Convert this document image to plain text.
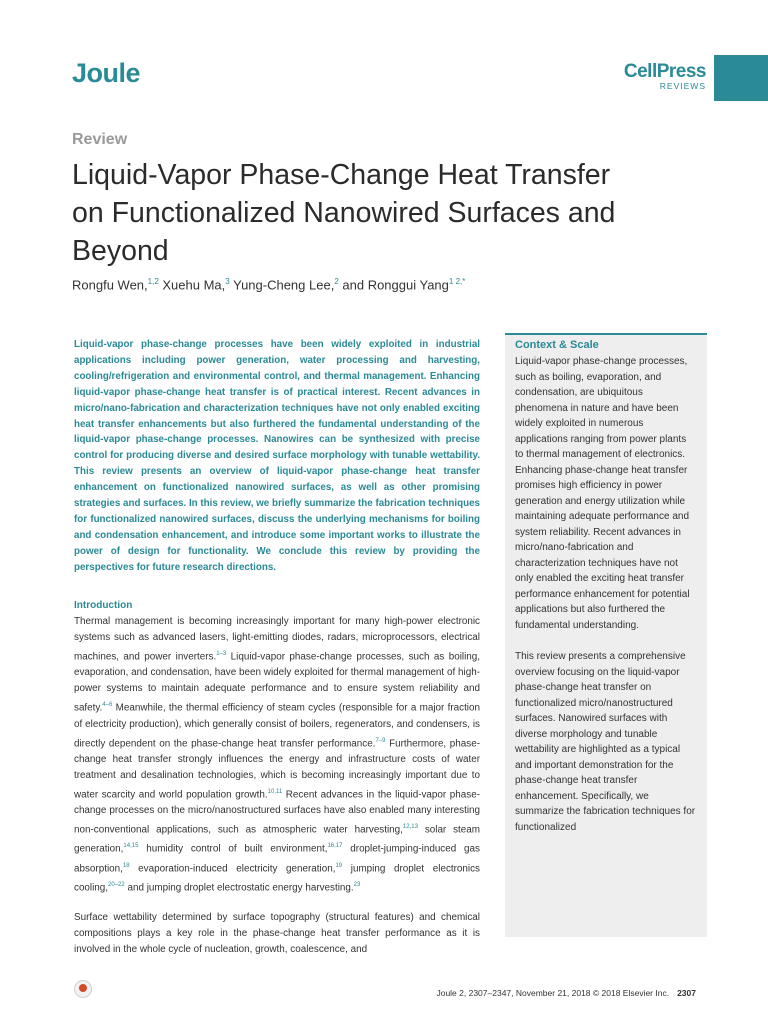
Joule	CellPress
REVIEWS
Review
Liquid-Vapor Phase-Change Heat Transfer on Functionalized Nanowired Surfaces and Beyond
Rongfu Wen,$^{1,2}$ Xuehu Ma,$^3$ Yung-Cheng Lee,$^2$ and Ronggui Yang$^{1 2,*}$

Liquid-vapor phase-change processes have been widely exploited in industrial applications including power generation, water processing and harvesting, cooling/refrigeration and environmental control, and thermal management. Enhancing liquid-vapor phase-change heat transfer is of practical interest. Recent advances in micro/nano-fabrication and characterization techniques have not only enabled exciting heat transfer enhancements but also furthered the fundamental understanding of the liquid-vapor phase-change processes. Nanowires can be synthesized with precise control for producing diverse and desired surface morphology with tunable wettability. This review presents an overview of liquid-vapor phase-change heat transfer enhancement on functionalized nanowired surfaces, as well as other promising strategies and surfaces. In this review, we briefly summarize the fabrication techniques for functionalized nanowired surfaces, discuss the underlying mechanisms for boiling and condensation enhancement, and introduce some important works to illustrate the power of design for functionality. We conclude this review by providing the perspectives for future research directions.

Introduction

Thermal management is becoming increasingly important for many high-power electronic systems such as advanced lasers, light-emitting diodes, radars, microprocessors, electrical machines, and power inverters.$^{1-3}$ Liquid-vapor phase-change processes, such as boiling, evaporation, and condensation, have been widely exploited for thermal management of high-power systems to maintain adequate performance and to ensure system reliability and safety.$^{4-6}$ Meanwhile, the thermal efficiency of steam cycles (responsible for a major fraction of electricity production), which generally consist of boilers, regenerators, and condensers, is directly dependent on the phase-change heat transfer performance.$^{7-9}$ Furthermore, phase-change heat transfer strongly influences the energy and infrastructure costs of water treatment and desalination technologies, which is becoming increasingly important due to water scarcity and world population growth.$^{10,11}$ Recent advances in the liquid-vapor phase-change processes on the micro/nanostructured surfaces have also enabled many interesting non-conventional applications, such as atmospheric water harvesting,$^{12,13}$ solar steam generation,$^{14,15}$ humidity control of built environment,$^{16,17}$ droplet-jumping-induced gas absorption,$^{18}$ evaporation-induced electricity generation,$^{19}$ jumping droplet electronics cooling,$^{20-22}$ and jumping droplet electrostatic energy harvesting.$^{23}$

Surface wettability determined by surface topography (structural features) and chemical compositions plays a key role in the phase-change heat transfer performance as it is involved in the whole cycle of nucleation, growth, coalescence, and

Context & Scale

Liquid-vapor phase-change processes, such as boiling, evaporation, and condensation, are ubiquitous phenomena in nature and have been widely exploited in numerous applications ranging from power plants to thermal management of electronics. Enhancing phase-change heat transfer promises high efficiency in power generation and energy utilization while maintaining adequate performance and system reliability. Recent advances in micro/nano-fabrication and characterization techniques have not only enabled the exciting heat transfer performance enhancement for potential applications but also furthered the fundamental understanding.

This review presents a comprehensive overview focusing on the liquid-vapor phase-change heat transfer on functionalized micro/nanostructured surfaces. Nanowired surfaces with diverse morphology and tunable wettability are highlighted as a typical and important demonstration for the phase-change heat transfer enhancement. Specifically, we summarize the fabrication techniques for functionalized

Joule 2, 2307–2347, November 21, 2018 © 2018 Elsevier Inc. 2307
